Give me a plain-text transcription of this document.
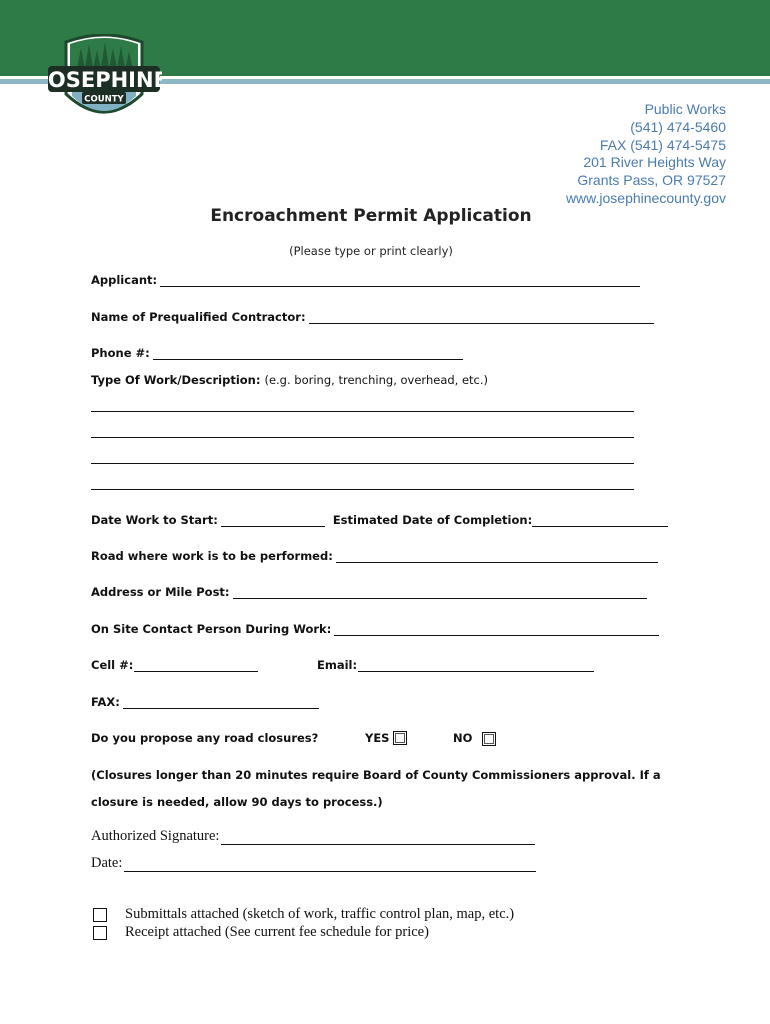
JOSEPHINE
COUNTY
Public Works
(541) 474-5460
FAX (541) 474-5475
201 River Heights Way
Grants Pass, OR 97527
www.josephinecounty.gov
Encroachment Permit Application
(Please type or print clearly)
Applicant:
Name of Prequalified Contractor:
Phone #:
Type Of Work/Description: (e.g. boring, trenching, overhead, etc.)
Date Work to Start:	Estimated Date of Completion:
Road where work is to be performed:
Address or Mile Post:
On Site Contact Person During Work:
Cell #:	Email:
FAX:
Do you propose any road closures?	YES	NO
(Closures longer than 20 minutes require Board of County Commissioners approval. If a
closure is needed, allow 90 days to process.)
Authorized Signature:
Date:
Submittals attached (sketch of work, traffic control plan, map, etc.)
Receipt attached (See current fee schedule for price)
